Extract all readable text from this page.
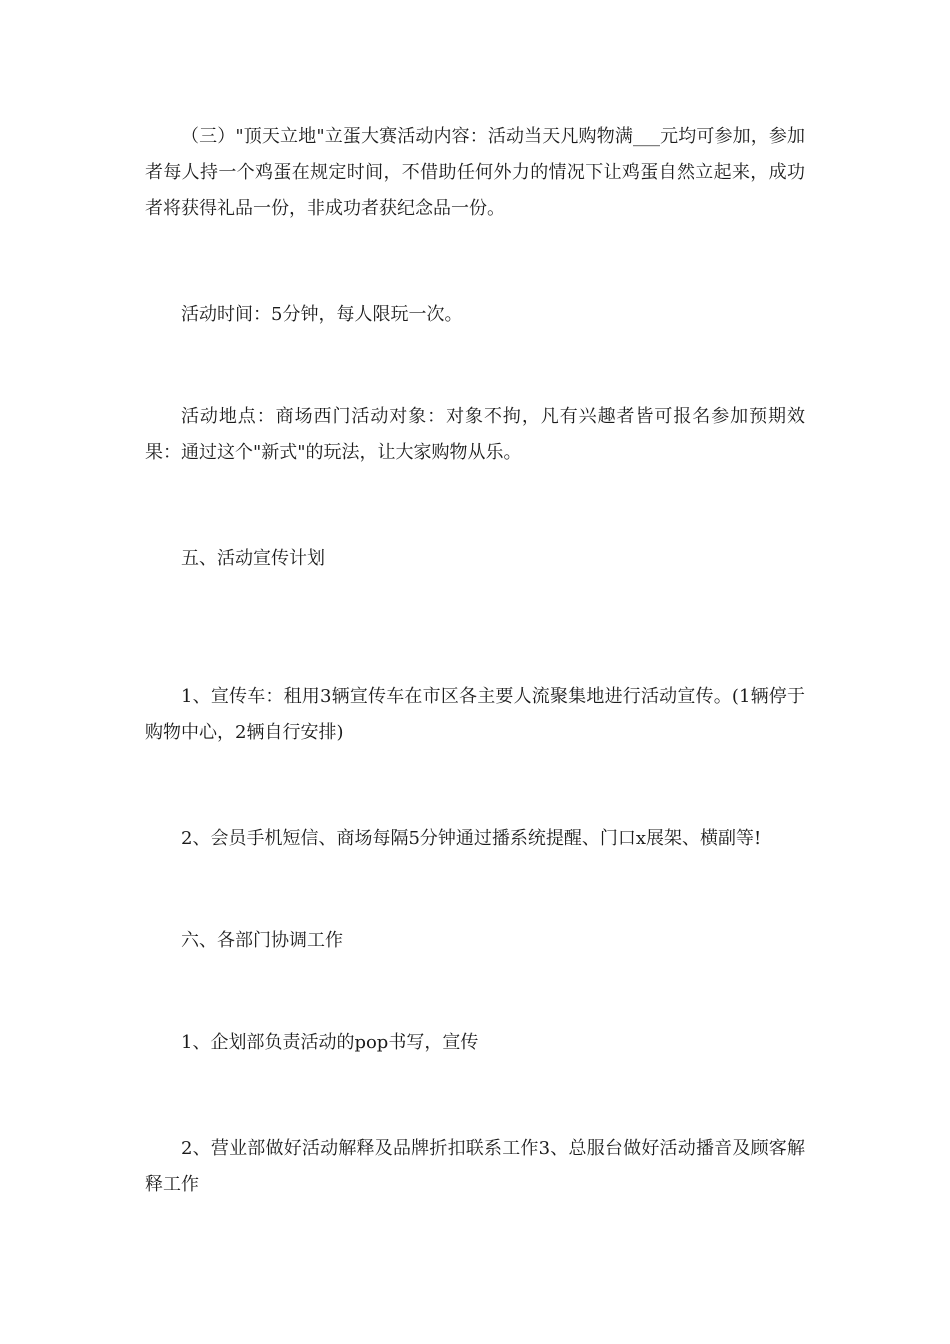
（三）"顶天立地"立蛋大赛活动内容：活动当天凡购物满___元均可参加，参加者每人持一个鸡蛋在规定时间，不借助任何外力的情况下让鸡蛋自然立起来，成功者将获得礼品一份，非成功者获纪念品一份。

活动时间：5分钟，每人限玩一次。

活动地点：商场西门活动对象：对象不拘，凡有兴趣者皆可报名参加预期效果：通过这个"新式"的玩法，让大家购物从乐。

五、活动宣传计划

1、宣传车：租用3辆宣传车在市区各主要人流聚集地进行活动宣传。(1辆停于购物中心，2辆自行安排)

2、会员手机短信、商场每隔5分钟通过播系统提醒、门口x展架、横副等!

六、各部门协调工作

1、企划部负责活动的pop书写，宣传

2、营业部做好活动解释及品牌折扣联系工作3、总服台做好活动播音及顾客解释工作
